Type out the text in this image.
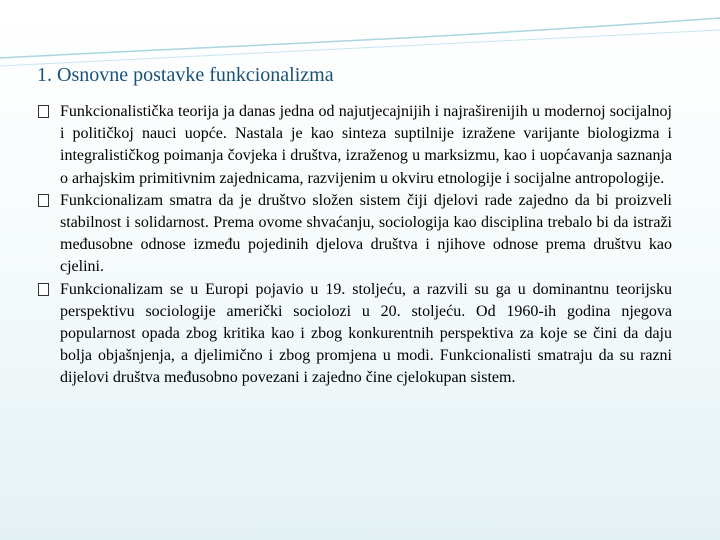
1. Osnovne postavke funkcionalizma
Funkcionalistička teorija ja danas jedna od najutjecajnijih i najraširenijih u modernoj socijalnoj i političkoj nauci uopće. Nastala je kao sinteza suptilnije izražene varijante biologizma i integralističkog poimanja čovjeka i društva, izraženog u marksizmu, kao i uopćavanja saznanja o arhajskim primitivnim zajednicama, razvijenim u okviru etnologije i socijalne antropologije.
Funkcionalizam smatra da je društvo složen sistem čiji djelovi rade zajedno da bi proizveli stabilnost i solidarnost. Prema ovome shvaćanju, sociologija kao disciplina trebalo bi da istraži međusobne odnose između pojedinih djelova društva i njihove odnose prema društvu kao cjelini.
Funkcionalizam se u Europi pojavio u 19. stoljeću, a razvili su ga u dominantnu teorijsku perspektivu sociologije američki sociolozi u 20. stoljeću. Od 1960-ih godina njegova popularnost opada zbog kritika kao i zbog konkurentnih perspektiva za koje se čini da daju bolja objašnjenja, a djelimično i zbog promjena u modi. Funkcionalisti smatraju da su razni dijelovi društva međusobno povezani i zajedno čine cjelokupan sistem.
